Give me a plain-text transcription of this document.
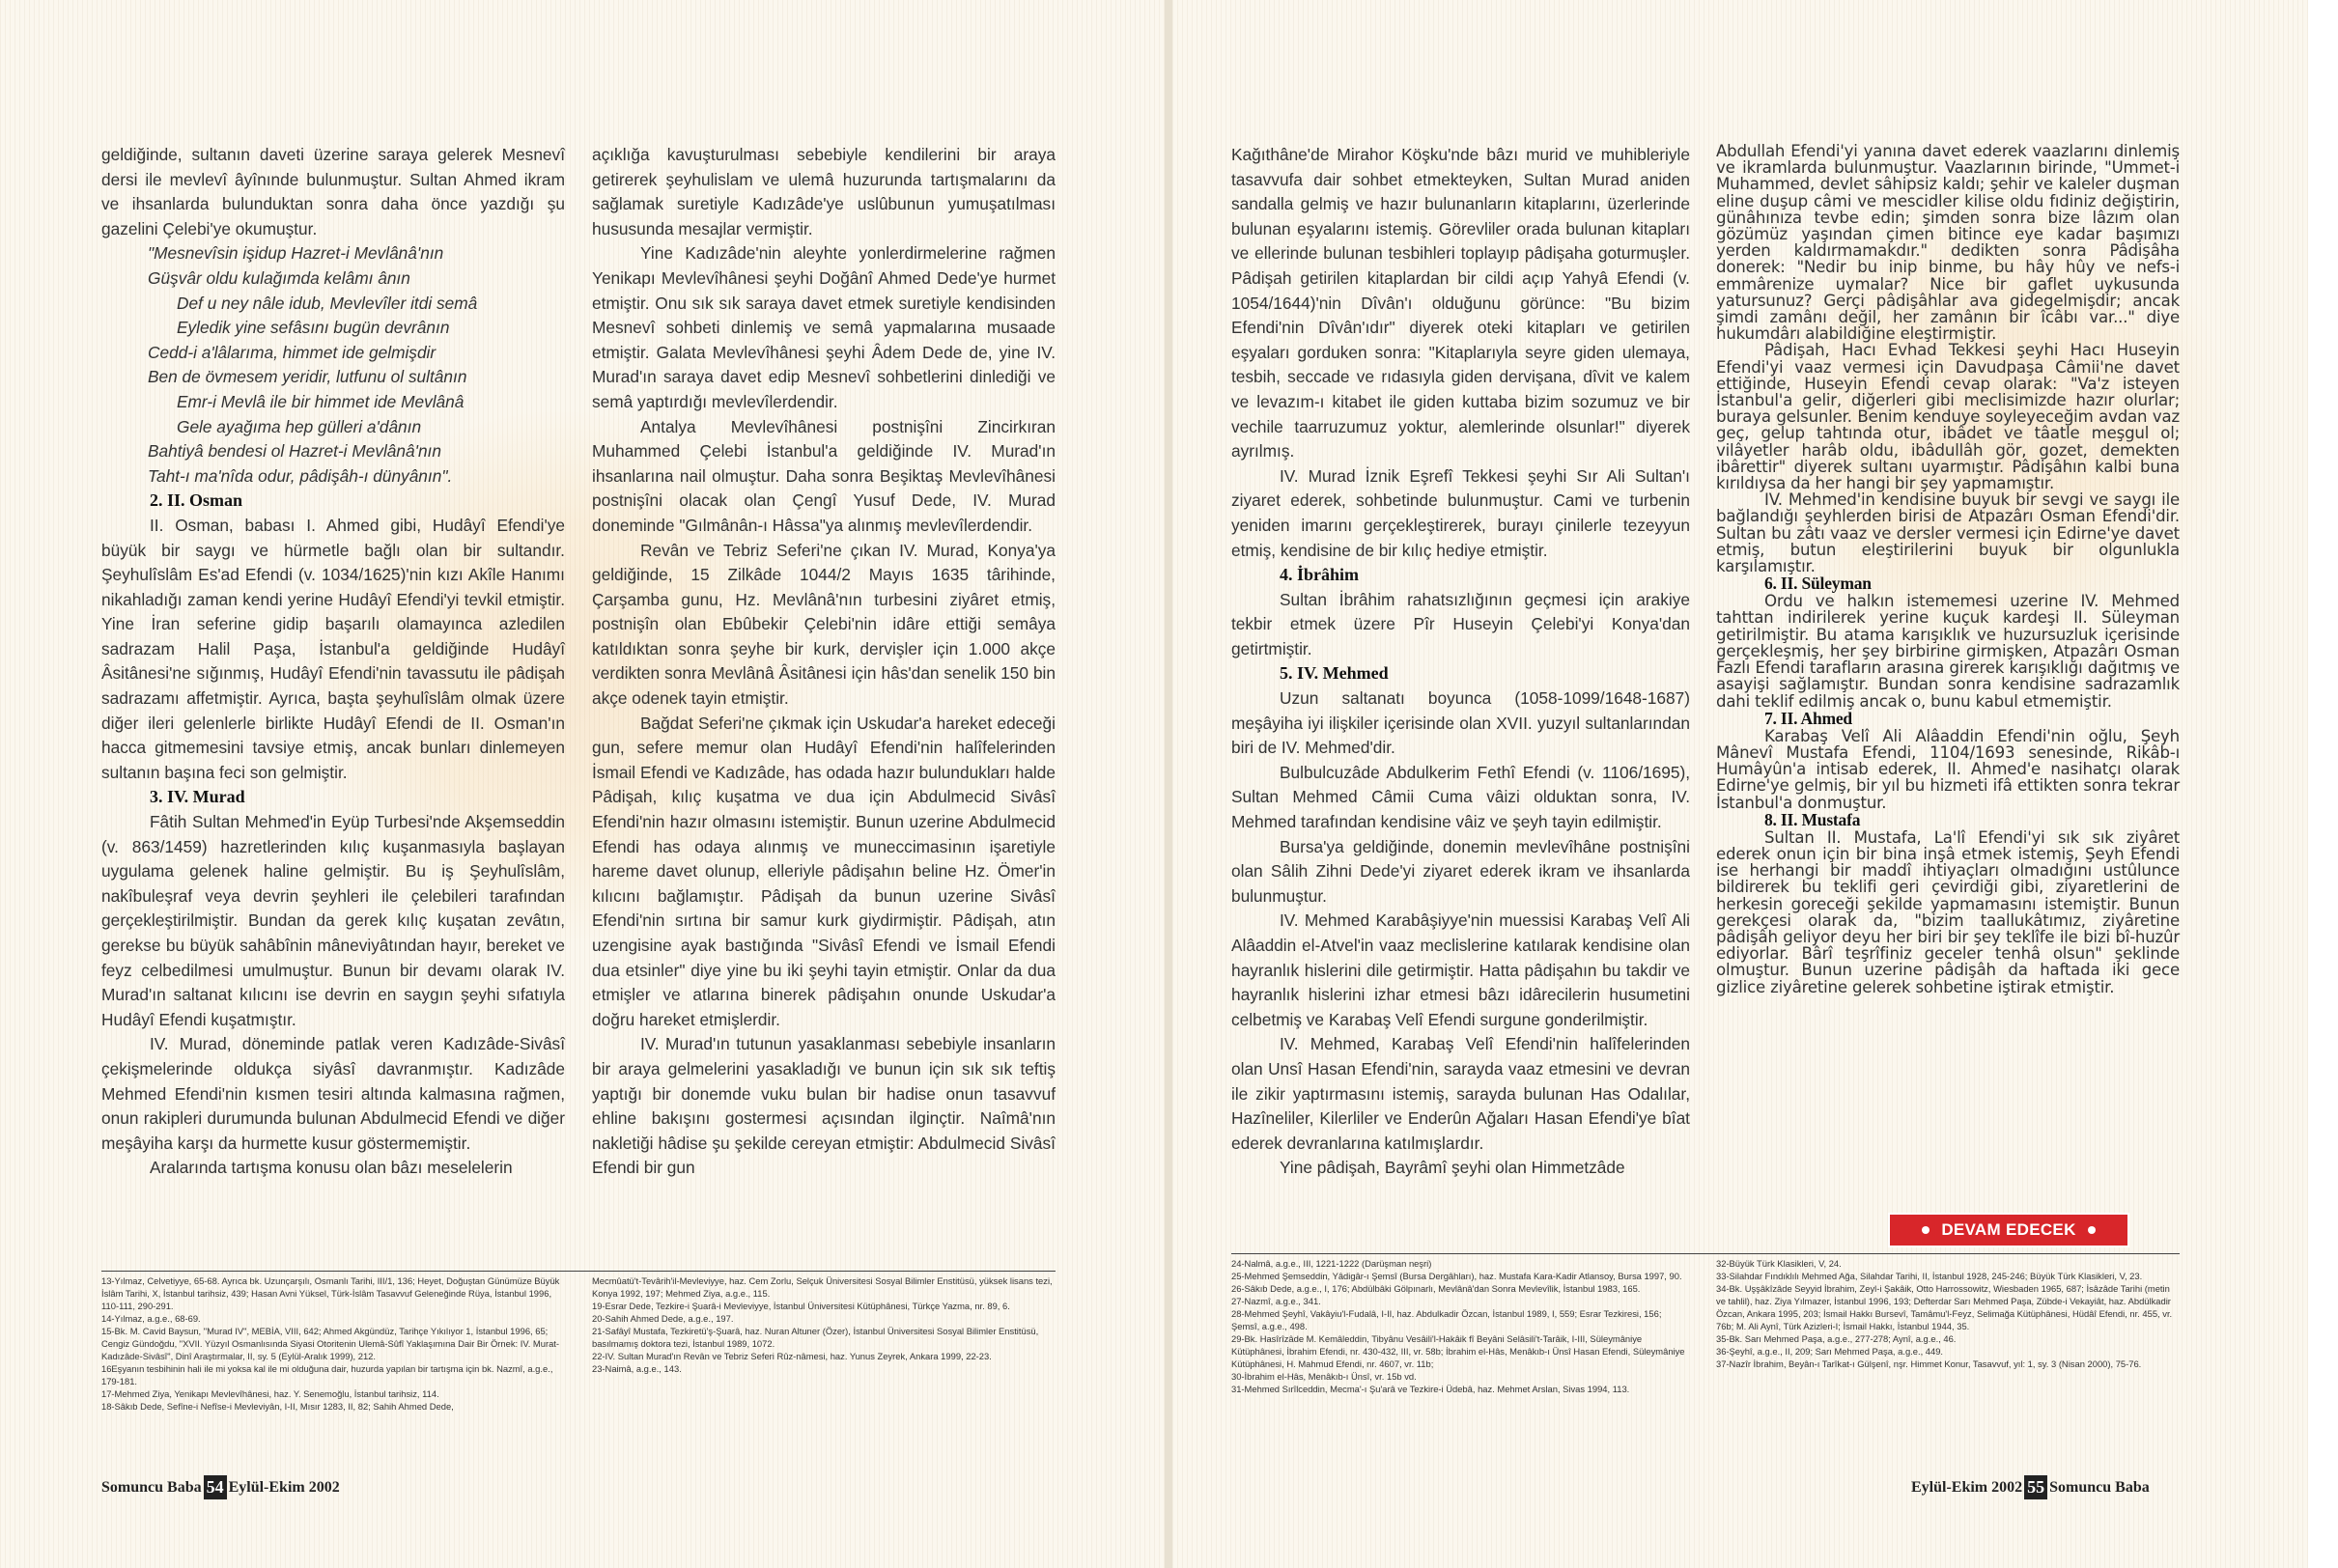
geldiğinde, sultanın daveti üzerine saraya gelerek Mesnevî dersi ile mevlevî âyînınde bulunmuştur. Sultan Ahmed ikram ve ihsanlarda bulunduktan sonra daha önce yazdığı şu gazelini Çelebi'ye okumuştur.

"Mesnevîsin işidup Hazret-i Mevlânâ'nın
Güşvâr oldu kulağımda kelâmı ânın
Def u ney nâle idub, Mevlevîler itdi semâ
Eyledik yine sefâsını bugün devrânın
Cedd-i a'lâlarıma, himmet ide gelmişdir
Ben de övmesem yeridir, lutfunu ol sultânın
Emr-i Mevlâ ile bir himmet ide Mevlânâ
Gele ayağıma hep gülleri a'dânın
Bahtiyâ bendesi ol Hazret-i Mevlânâ'nın
Taht-ı ma'nîda odur, pâdişâh-ı dünyânın".
2. II. Osman

II. Osman, babası I. Ahmed gibi, Hudâyî Efendi'ye büyük bir saygı ve hürmetle bağlı olan bir sultandır. Şeyhulîslâm Es'ad Efendi (v. 1034/1625)'nin kızı Akîle Hanımı nikahladığı zaman kendi yerine Hudâyî Efendi'yi tevkil etmiştir. Yine İran seferine gidip başarılı olamayınca azledilen sadrazam Halil Paşa, İstanbul'a geldiğinde Hudâyî Âsitânesi'ne sığınmış, Hudâyî Efendi'nin tavassutu ile pâdişah sadrazamı affetmiştir. Ayrıca, başta şeyhulîslâm olmak üzere diğer ileri gelenlerle birlikte Hudâyî Efendi de II. Osman'ın hacca gitmemesini tavsiye etmiş, ancak bunları dinlemeyen sultanın başına feci son gelmiştir.

3. IV. Murad

Fâtih Sultan Mehmed'in Eyüp Turbesi'nde Akşemseddin (v. 863/1459) hazretlerinden kılıç kuşanmasıyla başlayan uygulama gelenek haline gelmiştir. Bu iş Şeyhulîslâm, nakîbuleşraf veya devrin şeyhleri ile çelebileri tarafından gerçekleştirilmiştir. Bundan da gerek kılıç kuşatan zevâtın, gerekse bu büyük sahâbînin mâneviyâtından hayır, bereket ve feyz celbedilmesi umulmuştur. Bunun bir devamı olarak IV. Murad'ın saltanat kılıcını ise devrin en saygın şeyhi sıfatıyla Hudâyî Efendi kuşatmıştır.

IV. Murad, döneminde patlak veren Kadızâde-Sivâsî çekişmelerinde oldukça siyâsî davranmıştır. Kadızâde Mehmed Efendi'nin kısmen tesiri altında kalmasına rağmen, onun rakipleri durumunda bulunan Abdulmecid Efendi ve diğer meşâyiha karşı da hurmette kusur göstermemiştir.

Aralarında tartışma konusu olan bâzı meselelerin

açıklığa kavuşturulması sebebiyle kendilerini bir araya getirerek şeyhulislam ve ulemâ huzurunda tartışmalarını da sağlamak suretiyle Kadızâde'ye uslûbunun yumuşatılması hususunda mesajlar vermiştir.

Yine Kadızâde'nin aleyhte yonlerdirmelerine rağmen Yenikapı Mevlevîhânesi şeyhi Doğânî Ahmed Dede'ye hurmet etmiştir. Onu sık sık saraya davet etmek suretiyle kendisinden Mesnevî sohbeti dinlemiş ve semâ yapmalarına musaade etmiştir. Galata Mevlevîhânesi şeyhi Âdem Dede de, yine IV. Murad'ın saraya davet edip Mesnevî sohbetlerini dinlediği ve semâ yaptırdığı mevlevîlerdendir.

Antalya Mevlevîhânesi postnişîni Zincirkıran Muhammed Çelebi İstanbul'a geldiğinde IV. Murad'ın ihsanlarına nail olmuştur. Daha sonra Beşiktaş Mevlevîhânesi postnişîni olacak olan Çengî Yusuf Dede, IV. Murad doneminde "Gılmânân-ı Hâssa"ya alınmış mevlevîlerdendir.

Revân ve Tebriz Seferi'ne çıkan IV. Murad, Konya'ya geldiğinde, 15 Zilkâde 1044/2 Mayıs 1635 târihinde, Çarşamba gunu, Hz. Mevlânâ'nın turbesini ziyâret etmiş, postnişîn olan Ebûbekir Çelebi'nin idâre ettiği semâya katıldıktan sonra şeyhe bir kurk, dervişler için 1.000 akçe verdikten sonra Mevlânâ Âsitânesi için hâs'dan senelik 150 bin akçe odenek tayin etmiştir.

Bağdat Seferi'ne çıkmak için Uskudar'a hareket edeceği gun, sefere memur olan Hudâyî Efendi'nin halîfelerinden İsmail Efendi ve Kadızâde, has odada hazır bulundukları halde Pâdişah, kılıç kuşatma ve dua için Abdulmecid Sivâsî Efendi'nin hazır olmasını istemiştir. Bunun uzerine Abdulmecid Efendi has odaya alınmış ve munecciması̇nın işaretiyle hareme davet olunup, elleriyle pâdişahın beline Hz. Ömer'in kılıcını bağlamıştır. Pâdişah da bunun uzerine Sivâsî Efendi'nin sırtına bir samur kurk giydirmiştir. Pâdişah, atın uzengisine ayak bastığında "Sivâsî Efendi ve İsmail Efendi dua etsinler" diye yine bu iki şeyhi tayin etmiştir. Onlar da dua etmişler ve atlarına binerek pâdişahın onunde Uskudar'a doğru hareket etmişlerdir.

IV. Murad'ın tutunun yasaklanması sebebiyle insanların bir araya gelmelerini yasakladığı ve bunun için sık sık teftiş yaptığı bir donemde vuku bulan bir hadise onun tasavvuf ehline bakışını gostermesi açısından ilginçtir. Naîmâ'nın nakletiği hâdise şu şekilde cereyan etmiştir: Abdulmecid Sivâsî Efendi bir gun

13-Yılmaz, Celvetiyye, 65-68. Ayrıca bk. Uzunçarşılı, Osmanlı Tarihi, III/1, 136; Heyet, Doğuştan Günümüze Büyük İslâm Tarihi, X, İstanbul tarihsiz, 439; Hasan Avni Yüksel, Türk-İslâm Tasavvuf Geleneğinde Rüya, İstanbul 1996, 110-111, 290-291.
14-Yılmaz, a.g.e., 68-69.
15-Bk. M. Cavid Baysun, "Murad IV", MEBİA, VIII, 642; Ahmed Akgündüz, Tarihçe Yıkılıyor 1, İstanbul 1996, 65; Cengiz Gündoğdu, "XVII. Yüzyıl Osmanlısında Siyasi Otoritenin Ulemâ-Sûfî Yaklaşımına Dair Bir Örnek: IV. Murat-Kadızâde-Sivâsî", Dinî Araştırmalar, II, sy. 5 (Eylül-Aralık 1999), 212.
16Eşyanın tesbihinin hali ile mi yoksa kal ile mi olduğuna dair, huzurda yapılan bir tartışma için bk. Nazmî, a.g.e., 179-181.
17-Mehmed Ziya, Yenikapı Mevlevîhânesi, haz. Y. Senemoğlu, İstanbul tarihsiz, 114.
18-Sâkıb Dede, Sefîne-i Nefîse-i Mevleviyân, I-II, Mısır 1283, II, 82; Sahih Ahmed Dede,
Mecmûatü't-Tevârih'il-Mevleviyye, haz. Cem Zorlu, Selçuk Üniversitesi Sosyal Bilimler Enstitüsü, yüksek lisans tezi, Konya 1992, 197; Mehmed Ziya, a.g.e., 115.
19-Esrar Dede, Tezkire-i Şuarâ-i Mevleviyye, İstanbul Üniversitesi Kütüphânesi, Türkçe Yazma, nr. 89, 6.
20-Sahih Ahmed Dede, a.g.e., 197.
21-Safâyî Mustafa, Tezkiretü'ş-Şuarâ, haz. Nuran Altuner (Özer), İstanbul Üniversitesi Sosyal Bilimler Enstitüsü, basılmamış doktora tezi, İstanbul 1989, 1072.
22-IV. Sultan Murad'ın Revân ve Tebriz Seferi Rûz-nâmesi, haz. Yunus Zeyrek, Ankara 1999, 22-23.
23-Naimâ, a.g.e., 143.
Somuncu Baba 54 Eylül-Ekim 2002

Kağıthâne'de Mirahor Köşku'nde bâzı murid ve muhibleriyle tasavvufa dair sohbet etmekteyken, Sultan Murad aniden sandalla gelmiş ve hazır bulunanların kitaplarını, üzerlerinde bulunan eşyalarını istemiş. Görevliler orada bulunan kitapları ve ellerinde bulunan tesbihleri toplayıp pâdişaha goturmuşler. Pâdişah getirilen kitaplardan bir cildi açıp Yahyâ Efendi (v. 1054/1644)'nin Dîvân'ı olduğunu görünce: "Bu bizim Efendi'nin Dîvân'ıdır" diyerek oteki kitapları ve getirilen eşyaları gorduken sonra: "Kitaplarıyla seyre giden ulemaya, tesbih, seccade ve rıdasıyla giden dervişana, dîvit ve kalem ve levazım-ı kitabet ile giden kuttaba bizim sozumuz ve bir vechile taarruzumuz yoktur, alemlerinde olsunlar!" diyerek ayrılmış.

IV. Murad İznik Eşrefî Tekkesi şeyhi Sır Ali Sultan'ı ziyaret ederek, sohbetinde bulunmuştur. Cami ve turbenin yeniden imarını gerçekleştirerek, burayı çinilerle tezeyyun etmiş, kendisine de bir kılıç hediye etmiştir.

4. İbrâhim

Sultan İbrâhim rahatsızlığının geçmesi için arakiye tekbir etmek üzere Pîr Huseyin Çelebi'yi Konya'dan getirtmiştir.

5. IV. Mehmed

Uzun saltanatı boyunca (1058-1099/1648-1687) meşâyiha iyi ilişkiler içerisinde olan XVII. yuzyıl sultanlarından biri de IV. Mehmed'dir.

Bulbulcuzâde Abdulkerim Fethî Efendi (v. 1106/1695), Sultan Mehmed Câmii Cuma vâizi olduktan sonra, IV. Mehmed tarafından kendisine vâiz ve şeyh tayin edilmiştir.

Bursa'ya geldiğinde, donemin mevlevîhâne postnişîni olan Sâlih Zihni Dede'yi ziyaret ederek ikram ve ihsanlarda bulunmuştur.

IV. Mehmed Karabâşiyye'nin muessisi Karabaş Velî Ali Alâaddin el-Atvel'in vaaz meclislerine katılarak kendisine olan hayranlık hislerini dile getirmiştir. Hatta pâdişahın bu takdir ve hayranlık hislerini izhar etmesi bâzı idârecilerin husumetini celbetmiş ve Karabaş Velî Efendi surgune gonderilmiştir.

IV. Mehmed, Karabaş Velî Efendi'nin halîfelerinden olan Unsî Hasan Efendi'nin, sarayda vaaz etmesini ve devran ile zikir yaptırmasını istemiş, sarayda bulunan Has Odalılar, Hazîneliler, Kilerliler ve Enderûn Ağaları Hasan Efendi'ye bîat ederek devranlarına katılmışlardır.

Yine pâdişah, Bayrâmî şeyhi olan Himmetzâde

Abdullah Efendi'yi yanına davet ederek vaazlarını dinlemiş ve ikramlarda bulunmuştur. Vaazlarının birinde, "Ummet-i Muhammed, devlet sâhipsiz kaldı; şehir ve kaleler duşman eline duşup câmi ve mescidler kilise oldu fıdiniz değiştirin, günâhınıza tevbe edin; şimden sonra bize lâzım olan gözümüz yaşından çimen bitince eye kadar başımızı yerden kaldırmamakdır." dedikten sonra Pâdişâha donerek: "Nedir bu inip binme, bu hây hûy ve nefs-i emmârenize uymalar? Nice bir gaflet uykusunda yatursunuz? Gerçi pâdişâhlar ava gidegelmişdir; ancak şimdi zamânı değil, her zamânın bir îcâbı var..." diye hukumdârı alabildiğine eleştirmiştir.

Pâdişah, Hacı Evhad Tekkesi şeyhi Hacı Huseyin Efendi'yi vaaz vermesi için Davudpaşa Câmii'ne davet ettiğinde, Huseyin Efendi cevap olarak: "Va'z isteyen İstanbul'a gelir, diğerleri gibi meclisimizde hazır olurlar; buraya gelsunler. Benim kenduye soyleyeceğim avdan vaz geç, gelup tahtında otur, ibâdet ve tâatle meşgul ol; vilâyetler harâb oldu, ibâdullâh gör, gozet, demekten ibârettir" diyerek sultanı uyarmıştır. Pâdişâhın kalbi buna kırıldıysa da her hangi bir şey yapmamıştır.

IV. Mehmed'in kendisine buyuk bir sevgi ve saygı ile bağlandığı şeyhlerden birisi de Atpazârı Osman Efendi'dir. Sultan bu zâtı vaaz ve dersler vermesi için Edirne'ye davet etmiş, butun eleştirilerini buyuk bir olgunlukla karşılamıştır.

6. II. Süleyman

Ordu ve halkın istememesi uzerine IV. Mehmed tahttan indirilerek yerine kuçuk kardeşi II. Süleyman getirilmiştir. Bu atama karışıklık ve huzursuzluk içerisinde gerçekleşmiş, her şey birbirine girmişken, Atpazârı Osman Fazlı Efendi tarafların arasına girerek karışıklığı dağıtmış ve asayişi sağlamıştır. Bundan sonra kendisine sadrazamlık dahi teklif edilmiş ancak o, bunu kabul etmemiştir.

7. II. Ahmed

Karabaş Velî Ali Alâaddin Efendi'nin oğlu, Şeyh Mânevî Mustafa Efendi, 1104/1693 senesinde, Rikâb-ı Humâyûn'a intisab ederek, II. Ahmed'e nasihatçı olarak Edirne'ye gelmiş, bir yıl bu hizmeti ifâ ettikten sonra tekrar İstanbul'a donmuştur.

8. II. Mustafa

Sultan II. Mustafa, La'lî Efendi'yi sık sık ziyâret ederek onun için bir bina inşâ etmek istemiş, Şeyh Efendi ise herhangi bir maddî ihtiyaçları olmadığını ustûlunce bildirerek bu teklifi geri çevirdiği gibi, ziyaretlerini de herkesin goreceği şekilde yapmamasını istemiştir. Bunun gerekçesi olarak da, "bizim taallukâtımız, ziyâretine pâdişâh geliyor deyu her biri bir şey teklîfe ile bizi bî-huzûr ediyorlar. Bârî teşrîfiniz geceler tenhâ olsun" şeklinde olmuştur. Bunun uzerine pâdişâh da haftada iki gece gizlice ziyâretine gelerek sohbetine iştirak etmiştir.

24-Nalmâ, a.g.e., III, 1221-1222 (Darüşman neşri)
25-Mehmed Şemseddin, Yâdigâr-ı Şemsî (Bursa Dergâhları), haz. Mustafa Kara-Kadir Atlansoy, Bursa 1997, 90.
26-Sâkıb Dede, a.g.e., I, 176; Abdülbâki Gölpınarlı, Mevlânâ'dan Sonra Mevlevîlik, İstanbul 1983, 165.
27-Nazmî, a.g.e., 341.
28-Mehmed Şeyhî, Vakâyiu'l-Fudalâ, I-II, haz. Abdulkadir Özcan, İstanbul 1989, I, 559; Esrar Tezkiresi, 156; Şemsî, a.g.e., 498.
29-Bk. Hasîrîzâde M. Kemâleddin, Tibyânu Vesâili'l-Hakâik fî Beyâni Selâsili't-Tarâik, I-III, Süleymâniye Kütüphânesi, İbrahim Efendi, nr. 430-432, III, vr. 58b; İbrahim el-Hâs, Menâkıb-ı Ünsî Hasan Efendi, Süleymâniye Kütüphânesi, H. Mahmud Efendi, nr. 4607, vr. 11b;
30-İbrahim el-Hâs, Menâkıb-ı Ünsî, vr. 15b vd.
31-Mehmed Sırîlceddin, Mecma'-ı Şu'arâ ve Tezkire-i Üdebâ, haz. Mehmet Arslan, Sivas 1994, 113.
32-Büyük Türk Klasikleri, V, 24.
33-Silahdar Fındıklılı Mehmed Ağa, Silahdar Tarihi, II, İstanbul 1928, 245-246; Büyük Türk Klasikleri, V, 23.
34-Bk. Uşşâkîzâde Seyyid İbrahim, Zeyl-i Şakâik, Otto Harrossowitz, Wiesbaden 1965, 687; İsâzâde Tarihi (metin ve tahlil), haz. Ziya Yılmazer, İstanbul 1996, 193; Defterdar Sarı Mehmed Paşa, Zübde-i Vekayiât, haz. Abdülkadir Özcan, Ankara 1995, 203; İsmail Hakkı Bursevî, Tamâmu'l-Feyz, Selimağa Kütüphânesi, Hüdâî Efendi, nr. 455, vr. 76b; M. Ali Aynî, Türk Azizleri-I; İsmail Hakkı, İstanbul 1944, 35.
35-Bk. Sarı Mehmed Paşa, a.g.e., 277-278; Aynî, a.g.e., 46.
36-Şeyhî, a.g.e., II, 209; Sarı Mehmed Paşa, a.g.e., 449.
37-Nazîr İbrahim, Beyân-ı Tarîkat-ı Gülşenî, nşr. Himmet Konur, Tasavvuf, yıl: 1, sy. 3 (Nisan 2000), 75-76.
Eylül-Ekim 2002 55 Somuncu Baba
DEVAM EDECEK
